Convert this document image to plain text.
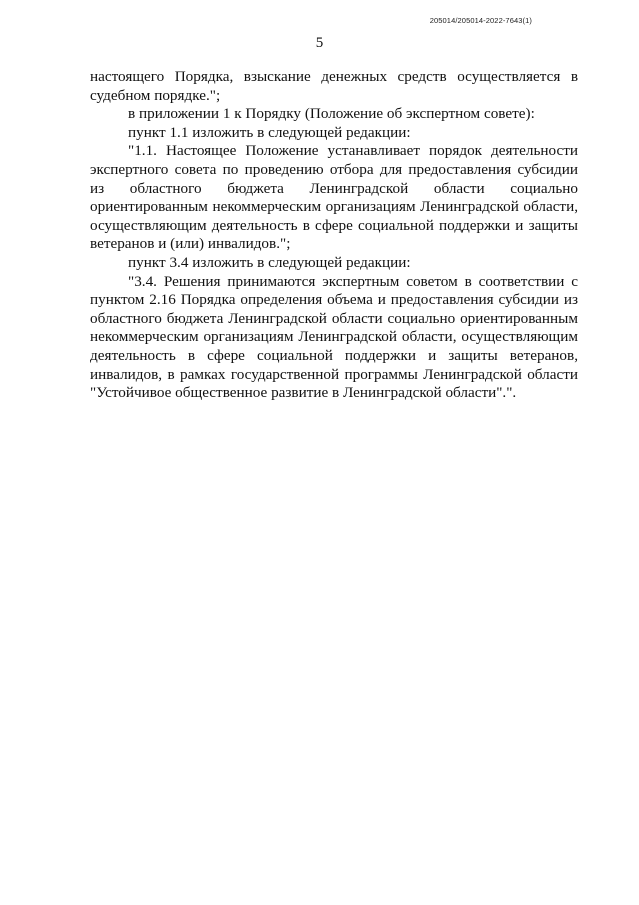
205014/205014-2022-7643(1)
5

настоящего Порядка, взыскание денежных средств осуществляется в судебном порядке.";

в приложении 1 к Порядку (Положение об экспертном совете):

пункт 1.1 изложить в следующей редакции:

"1.1. Настоящее Положение устанавливает порядок деятельности экспертного совета по проведению отбора для предоставления субсидии из областного бюджета Ленинградской области социально ориентированным некоммерческим организациям Ленинградской области, осуществляющим деятельность в сфере социальной поддержки и защиты ветеранов и (или) инвалидов.";

пункт 3.4 изложить в следующей редакции:

"3.4. Решения принимаются экспертным советом в соответствии с пунктом 2.16 Порядка определения объема и предоставления субсидии из областного бюджета Ленинградской области социально ориентированным некоммерческим организациям Ленинградской области, осуществляющим деятельность в сфере социальной поддержки и защиты ветеранов, инвалидов, в рамках государственной программы Ленинградской области "Устойчивое общественное развитие в Ленинградской области".".
